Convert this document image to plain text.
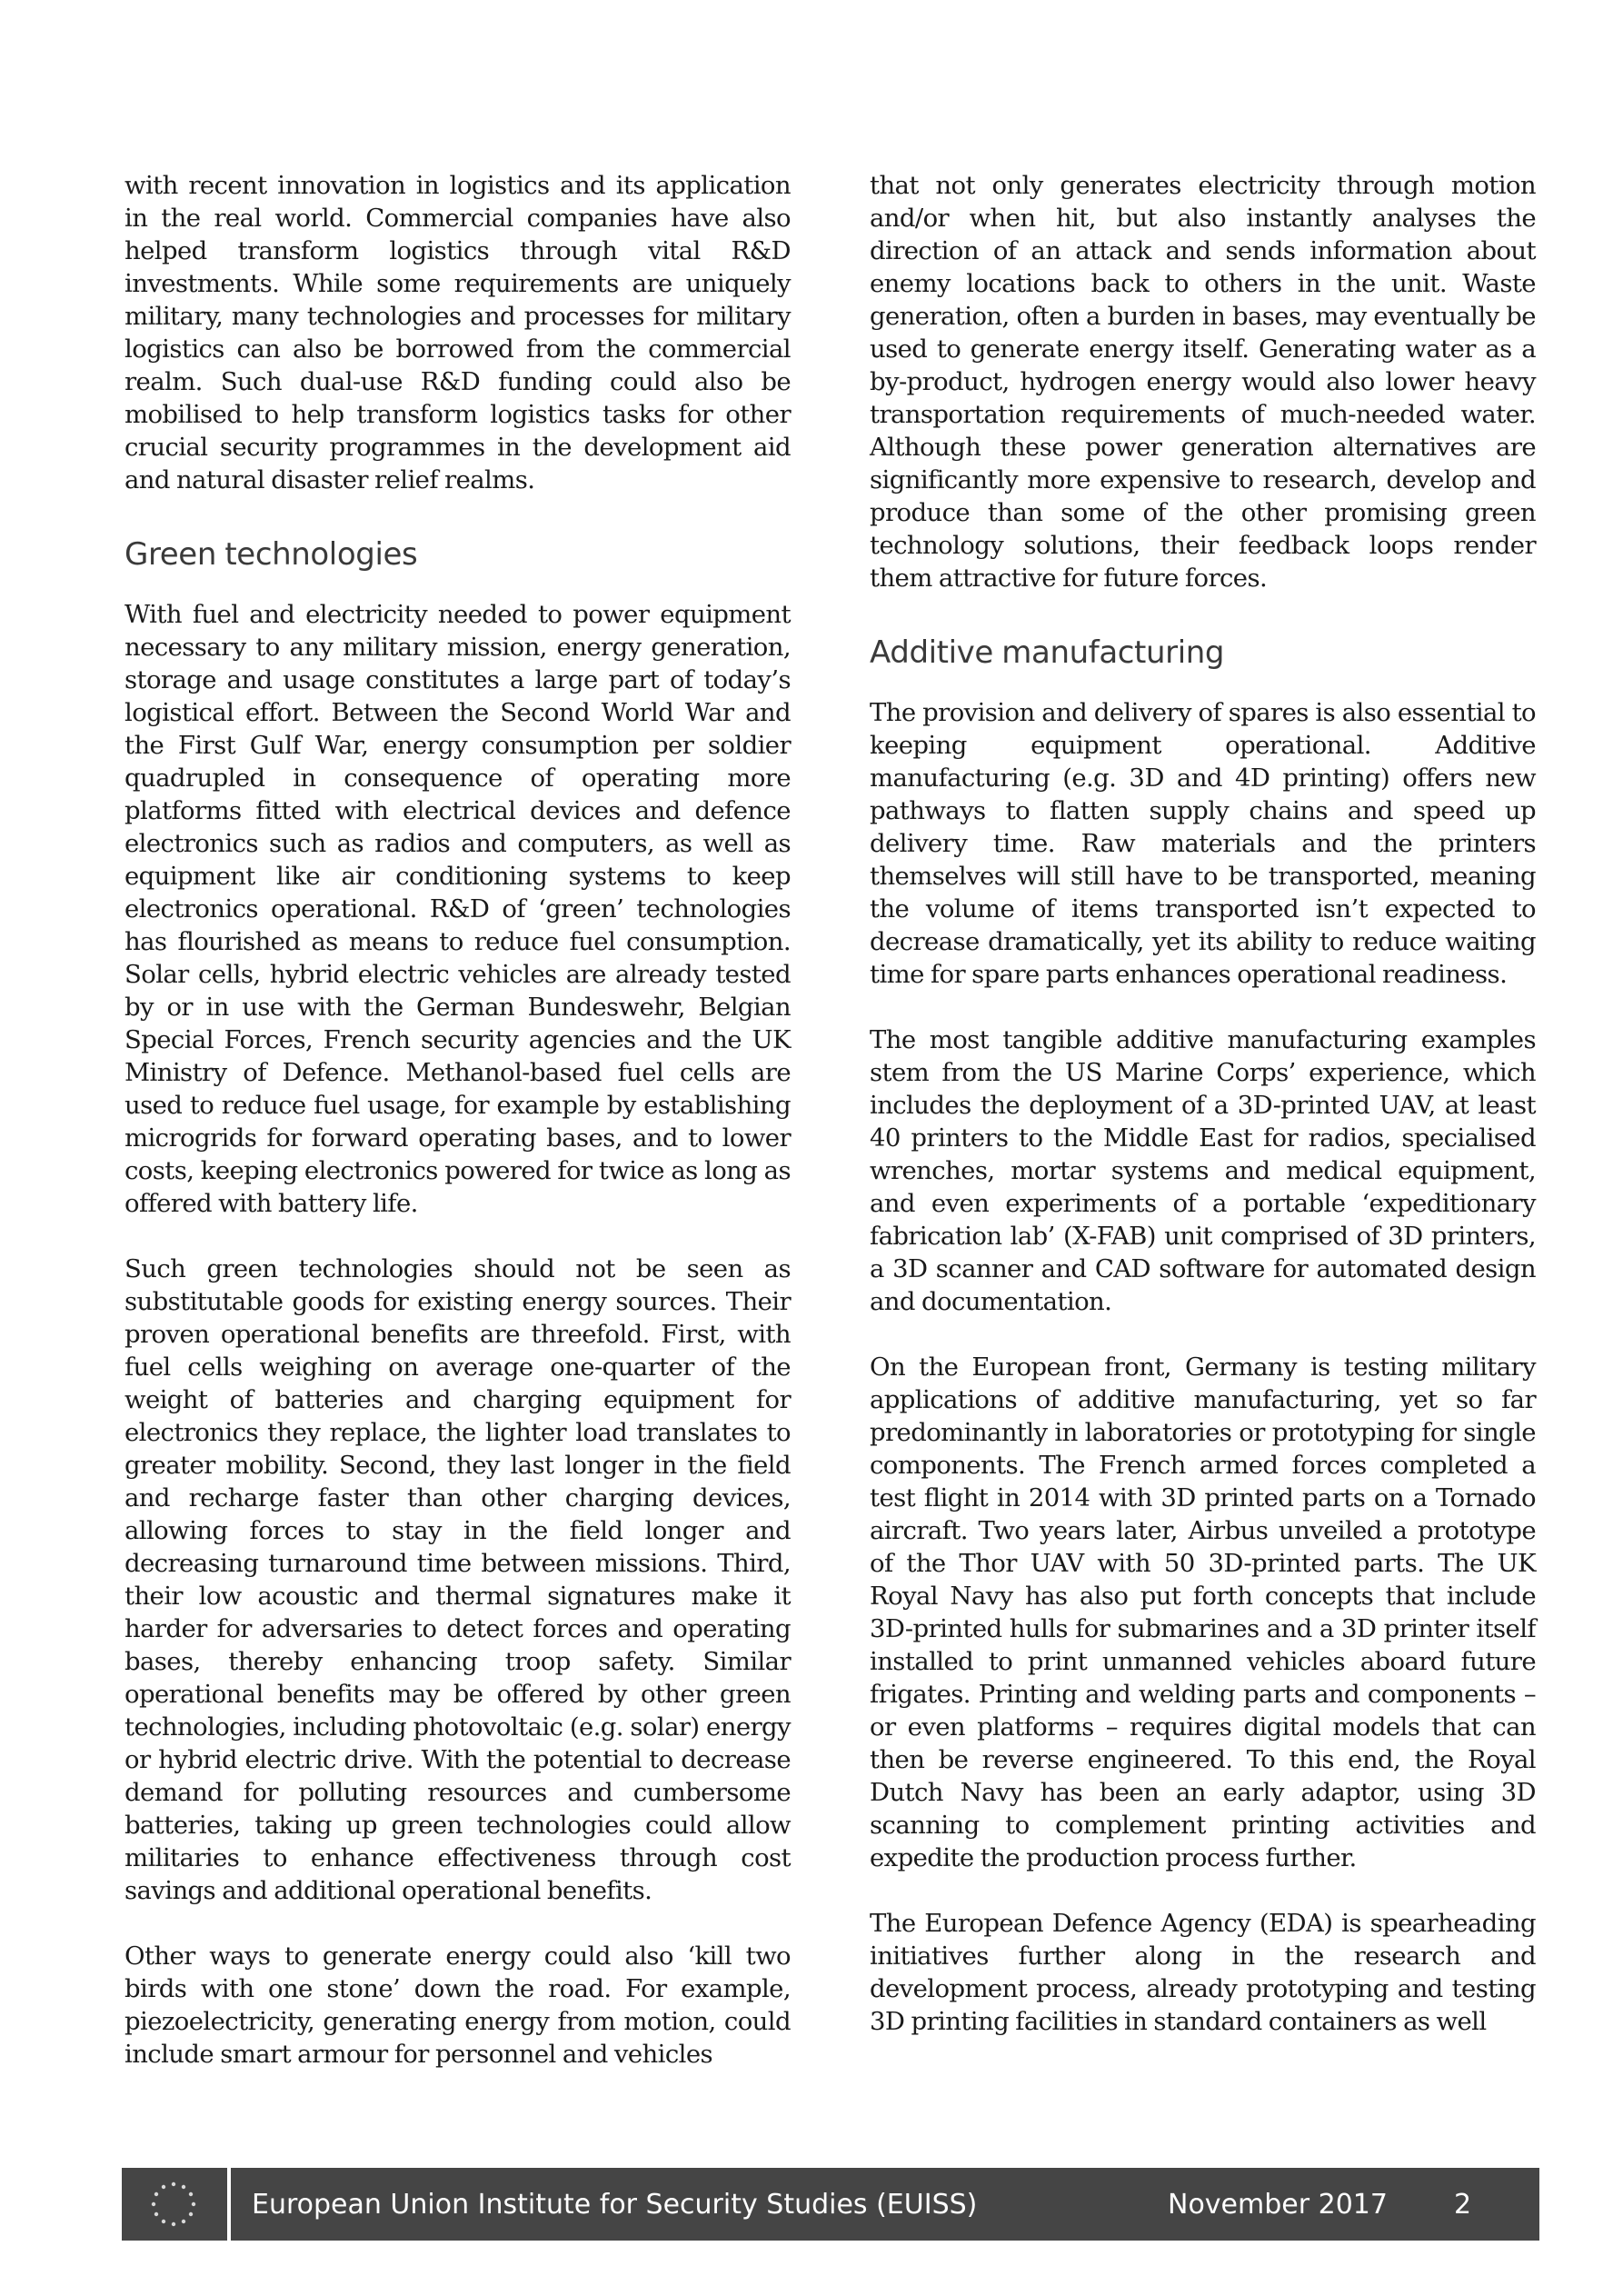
with recent innovation in logistics and its application in the real world. Commercial companies have also helped transform logistics through vital R&D investments. While some requirements are uniquely military, many technologies and processes for military logistics can also be borrowed from the commercial realm. Such dual-use R&D funding could also be mobilised to help transform logistics tasks for other crucial security programmes in the development aid and natural disaster relief realms.

Green technologies

With fuel and electricity needed to power equipment necessary to any military mission, energy generation, storage and usage constitutes a large part of today’s logistical effort. Between the Second World War and the First Gulf War, energy consumption per soldier quadrupled in consequence of operating more platforms fitted with electrical devices and defence electronics such as radios and computers, as well as equipment like air conditioning systems to keep electronics operational. R&D of ‘green’ technologies has flourished as means to reduce fuel consumption. Solar cells, hybrid electric vehicles are already tested by or in use with the German Bundeswehr, Belgian Special Forces, French security agencies and the UK Ministry of Defence. Methanol-based fuel cells are used to reduce fuel usage, for example by establishing microgrids for forward operating bases, and to lower costs, keeping electronics powered for twice as long as offered with battery life.

Such green technologies should not be seen as substitutable goods for existing energy sources. Their proven operational benefits are threefold. First, with fuel cells weighing on average one-quarter of the weight of batteries and charging equipment for electronics they replace, the lighter load translates to greater mobility. Second, they last longer in the field and recharge faster than other charging devices, allowing forces to stay in the field longer and decreasing turnaround time between missions. Third, their low acoustic and thermal signatures make it harder for adversaries to detect forces and operating bases, thereby enhancing troop safety. Similar operational benefits may be offered by other green technologies, including photovoltaic (e.g. solar) energy or hybrid electric drive. With the potential to decrease demand for polluting resources and cumbersome batteries, taking up green technologies could allow militaries to enhance effectiveness through cost savings and additional operational benefits.

Other ways to generate energy could also ‘kill two birds with one stone’ down the road. For example, piezoelectricity, generating energy from motion, could include smart armour for personnel and vehicles

that not only generates electricity through motion and/or when hit, but also instantly analyses the direction of an attack and sends information about enemy locations back to others in the unit. Waste generation, often a burden in bases, may eventually be used to generate energy itself. Generating water as a by-product, hydrogen energy would also lower heavy transportation requirements of much-needed water. Although these power generation alternatives are significantly more expensive to research, develop and produce than some of the other promising green technology solutions, their feedback loops render them attractive for future forces.

Additive manufacturing

The provision and delivery of spares is also essential to keeping equipment operational. Additive manufacturing (e.g. 3D and 4D printing) offers new pathways to flatten supply chains and speed up delivery time. Raw materials and the printers themselves will still have to be transported, meaning the volume of items transported isn’t expected to decrease dramatically, yet its ability to reduce waiting time for spare parts enhances operational readiness.

The most tangible additive manufacturing examples stem from the US Marine Corps’ experience, which includes the deployment of a 3D-printed UAV, at least 40 printers to the Middle East for radios, specialised wrenches, mortar systems and medical equipment, and even experiments of a portable ‘expeditionary fabrication lab’ (X-FAB) unit comprised of 3D printers, a 3D scanner and CAD software for automated design and documentation.

On the European front, Germany is testing military applications of additive manufacturing, yet so far predominantly in laboratories or prototyping for single components. The French armed forces completed a test flight in 2014 with 3D printed parts on a Tornado aircraft. Two years later, Airbus unveiled a prototype of the Thor UAV with 50 3D-printed parts. The UK Royal Navy has also put forth concepts that include 3D-printed hulls for submarines and a 3D printer itself installed to print unmanned vehicles aboard future frigates. Printing and welding parts and components – or even platforms – requires digital models that can then be reverse engineered. To this end, the Royal Dutch Navy has been an early adaptor, using 3D scanning to complement printing activities and expedite the production process further.

The European Defence Agency (EDA) is spearheading initiatives further along in the research and development process, already prototyping and testing 3D printing facilities in standard containers as well

European Union Institute for Security Studies (EUISS)	November 2017 2
